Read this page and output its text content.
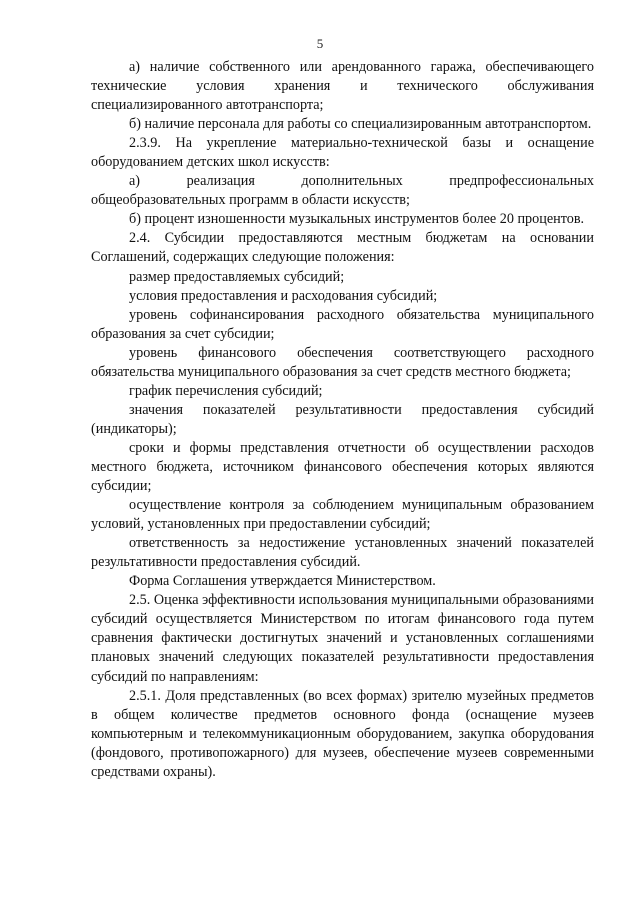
5

а) наличие собственного или арендованного гаража, обеспечивающего технические условия хранения и технического обслуживания специализированного автотранспорта;

б) наличие персонала для работы со специализированным автотранспортом.

2.3.9. На укрепление материально-технической базы и оснащение оборудованием детских школ искусств:

а) реализация дополнительных предпрофессиональных общеобразовательных программ в области искусств;

б) процент изношенности музыкальных инструментов более 20 процентов.

2.4. Субсидии предоставляются местным бюджетам на основании Соглашений, содержащих следующие положения:

размер предоставляемых субсидий;

условия предоставления и расходования субсидий;

уровень софинансирования расходного обязательства муниципального образования за счет субсидии;

уровень финансового обеспечения соответствующего расходного обязательства муниципального образования за счет средств местного бюджета;

график перечисления субсидий;

значения показателей результативности предоставления субсидий (индикаторы);

сроки и формы представления отчетности об осуществлении расходов местного бюджета, источником финансового обеспечения которых являются субсидии;

осуществление контроля за соблюдением муниципальным образованием условий, установленных при предоставлении субсидий;

ответственность за недостижение установленных значений показателей результативности предоставления субсидий.

Форма Соглашения утверждается Министерством.

2.5. Оценка эффективности использования муниципальными образованиями субсидий осуществляется Министерством по итогам финансового года путем сравнения фактически достигнутых значений и установленных соглашениями плановых значений следующих показателей результативности предоставления субсидий по направлениям:

2.5.1. Доля представленных (во всех формах) зрителю музейных предметов в общем количестве предметов основного фонда (оснащение музеев компьютерным и телекоммуникационным оборудованием, закупка оборудования (фондового, противопожарного) для музеев, обеспечение музеев современными средствами охраны).
